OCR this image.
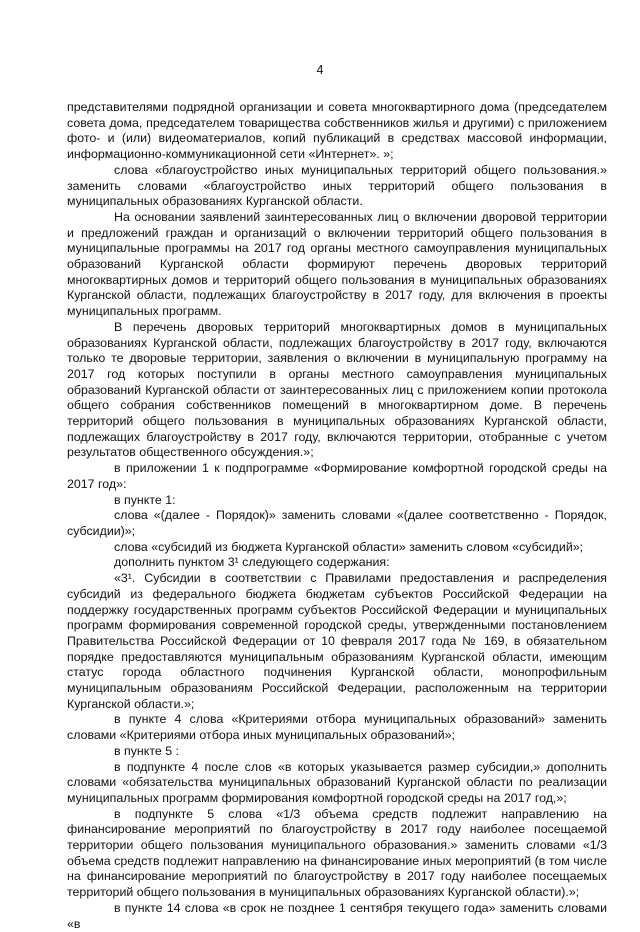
4

представителями подрядной организации и совета многоквартирного дома (председателем совета дома, председателем товарищества собственников жилья и другими) с приложением фото- и (или) видеоматериалов, копий публикаций в средствах массовой информации, информационно-коммуникационной сети «Интернет». »;

слова «благоустройство иных муниципальных территорий общего пользования.» заменить словами «благоустройство иных территорий общего пользования в муниципальных образованиях Курганской области.

На основании заявлений заинтересованных лиц о включении дворовой территории и предложений граждан и организаций о включении территорий общего пользования в муниципальные программы на 2017 год органы местного самоуправления муниципальных образований Курганской области формируют перечень дворовых территорий многоквартирных домов и территорий общего пользования в муниципальных образованиях Курганской области, подлежащих благоустройству в 2017 году, для включения в проекты муниципальных программ.

В перечень дворовых территорий многоквартирных домов в муниципальных образованиях Курганской области, подлежащих благоустройству в 2017 году, включаются только те дворовые территории, заявления о включении в муниципальную программу на 2017 год которых поступили в органы местного самоуправления муниципальных образований Курганской области от заинтересованных лиц с приложением копии протокола общего собрания собственников помещений в многоквартирном доме. В перечень территорий общего пользования в муниципальных образованиях Курганской области, подлежащих благоустройству в 2017 году, включаются территории, отобранные с учетом результатов общественного обсуждения.»;

в приложении 1 к подпрограмме «Формирование комфортной городской среды на 2017 год»:

в пункте 1:

слова «(далее - Порядок)» заменить словами «(далее соответственно - Порядок, субсидии)»;

слова «субсидий из бюджета Курганской области» заменить словом «субсидий»;

дополнить пунктом 3¹ следующего содержания:

«3¹. Субсидии в соответствии с Правилами предоставления и распределения субсидий из федерального бюджета бюджетам субъектов Российской Федерации на поддержку государственных программ субъектов Российской Федерации и муниципальных программ формирования современной городской среды, утвержденными постановлением Правительства Российской Федерации от 10 февраля 2017 года № 169, в обязательном порядке предоставляются муниципальным образованиям Курганской области, имеющим статус города областного подчинения Курганской области, монопрофильным муниципальным образованиям Российской Федерации, расположенным на территории Курганской области.»;

в пункте 4 слова «Критериями отбора муниципальных образований» заменить словами «Критериями отбора иных муниципальных образований»;

в пункте 5 :

в подпункте 4 после слов «в которых указывается размер субсидии,» дополнить словами «обязательства муниципальных образований Курганской области по реализации муниципальных программ формирования комфортной городской среды на 2017 год,»;

в подпункте 5 слова «1/3 объема средств подлежит направлению на финансирование мероприятий по благоустройству в 2017 году наиболее посещаемой территории общего пользования муниципального образования.» заменить словами «1/3 объема средств подлежит направлению на финансирование иных мероприятий (в том числе на финансирование мероприятий по благоустройству в 2017 году наиболее посещаемых территорий общего пользования в муниципальных образованиях Курганской области).»;

в пункте 14 слова «в срок не позднее 1 сентября текущего года» заменить словами «в
